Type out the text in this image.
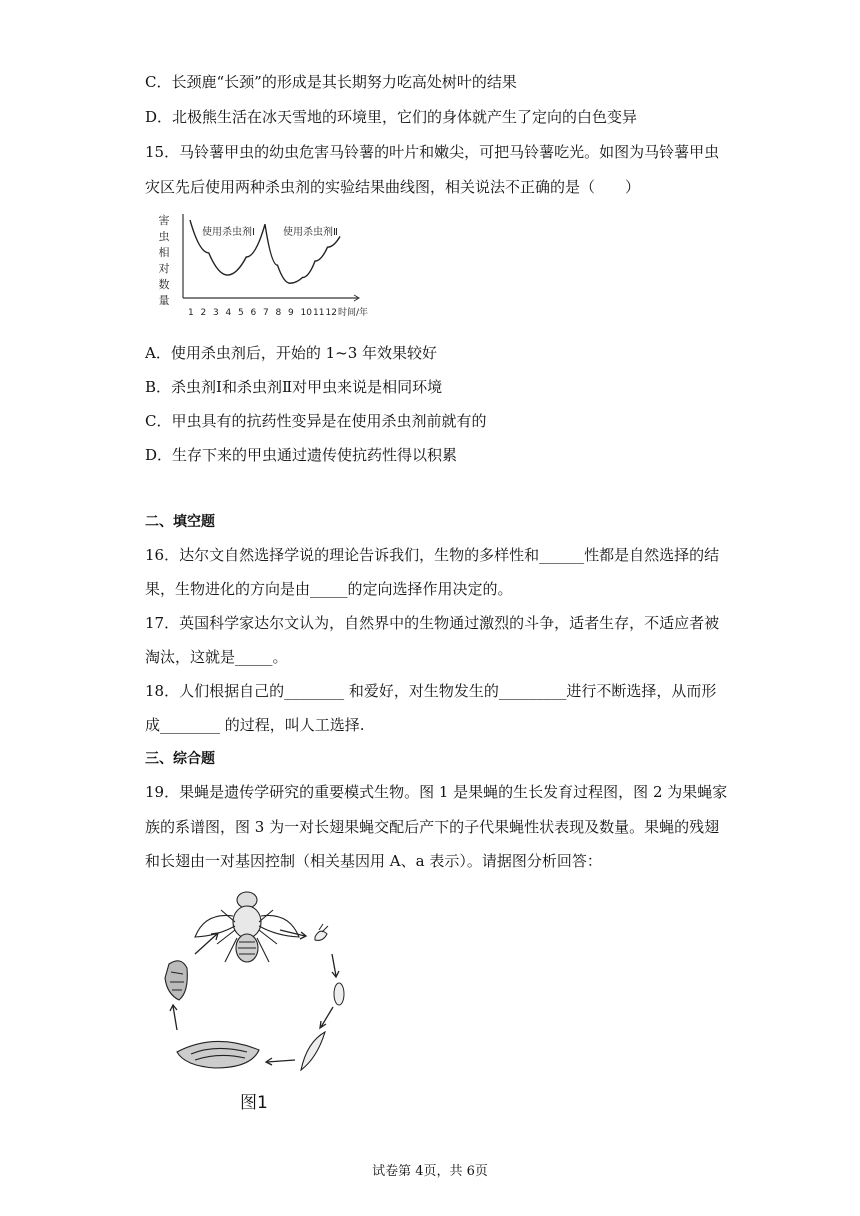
C．长颈鹿“长颈”的形成是其长期努力吃高处树叶的结果
D．北极熊生活在冰天雪地的环境里，它们的身体就产生了定向的白色变异
15．马铃薯甲虫的幼虫危害马铃薯的叶片和嫩尖，可把马铃薯吃光。如图为马铃薯甲虫
灾区先后使用两种杀虫剂的实验结果曲线图，相关说法不正确的是（　　）
害
虫
相
对
数
量
使用杀虫剂Ⅰ	使用杀虫剂Ⅱ
1 2 3 4 5 6 7 8 9 10 11 12 时间/年
A．使用杀虫剂后，开始的 1~3 年效果较好
B．杀虫剂Ⅰ和杀虫剂Ⅱ对甲虫来说是相同环境
C．甲虫具有的抗药性变异是在使用杀虫剂前就有的
D．生存下来的甲虫通过遗传使抗药性得以积累
二、填空题
16．达尔文自然选择学说的理论告诉我们，生物的多样性和______性都是自然选择的结
果，生物进化的方向是由_____的定向选择作用决定的。
17．英国科学家达尔文认为，自然界中的生物通过激烈的斗争，适者生存，不适应者被
淘汰，这就是_____。
18．人们根据自己的________ 和爱好，对生物发生的_________进行不断选择，从而形
成________ 的过程，叫人工选择.
三、综合题
19．果蝇是遗传学研究的重要模式生物。图 1 是果蝇的生长发育过程图，图 2 为果蝇家
族的系谱图，图 3 为一对长翅果蝇交配后产下的子代果蝇性状表现及数量。果蝇的残翅
和长翅由一对基因控制（相关基因用 A、a 表示）。请据图分析回答：
图1
试卷第 4页，共 6页
